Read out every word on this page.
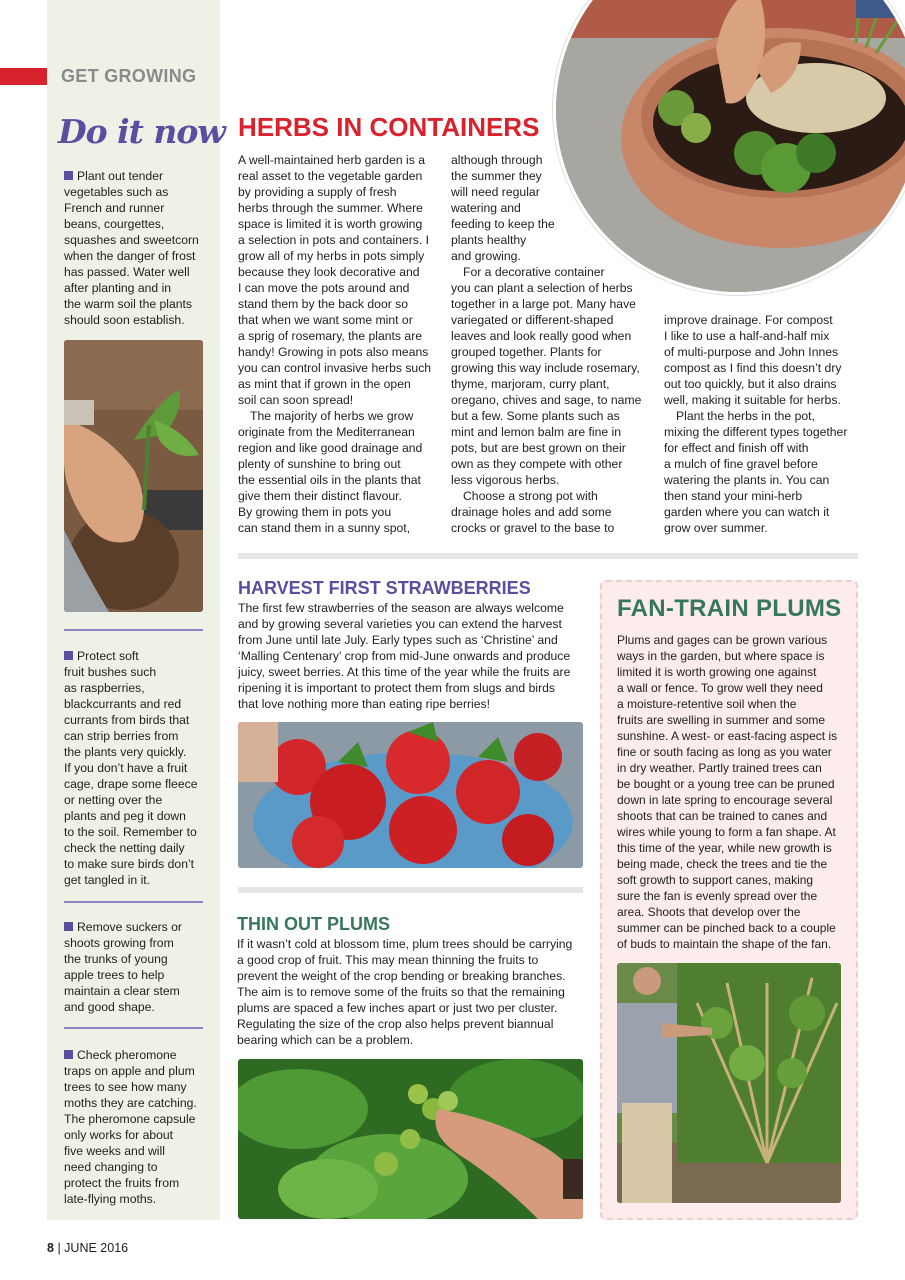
GET GROWING
Do it now
Plant out tender
vegetables such as
French and runner
beans, courgettes,
squashes and sweetcorn
when the danger of frost
has passed. Water well
after planting and in
the warm soil the plants
should soon establish.
Protect soft
fruit bushes such
as raspberries,
blackcurrants and red
currants from birds that
can strip berries from
the plants very quickly.
If you don’t have a fruit
cage, drape some fleece
or netting over the
plants and peg it down
to the soil. Remember to
check the netting daily
to make sure birds don’t
get tangled in it.
Remove suckers or
shoots growing from
the trunks of young
apple trees to help
maintain a clear stem
and good shape.
Check pheromone
traps on apple and plum
trees to see how many
moths they are catching.
The pheromone capsule
only works for about
five weeks and will
need changing to
protect the fruits from
late-flying moths.
HERBS IN CONTAINERS
A well-maintained herb garden is a
real asset to the vegetable garden
by providing a supply of fresh
herbs through the summer. Where
space is limited it is worth growing
a selection in pots and containers. I
grow all of my herbs in pots simply
because they look decorative and
I can move the pots around and
stand them by the back door so
that when we want some mint or
a sprig of rosemary, the plants are
handy! Growing in pots also means
you can control invasive herbs such
as mint that if grown in the open
soil can soon spread!
The majority of herbs we grow
originate from the Mediterranean
region and like good drainage and
plenty of sunshine to bring out
the essential oils in the plants that
give them their distinct flavour.
By growing them in pots you
can stand them in a sunny spot,
although through
the summer they
will need regular
watering and
feeding to keep the
plants healthy
and growing.
For a decorative container
you can plant a selection of herbs
together in a large pot. Many have
variegated or different-shaped
leaves and look really good when
grouped together. Plants for
growing this way include rosemary,
thyme, marjoram, curry plant,
oregano, chives and sage, to name
but a few. Some plants such as
mint and lemon balm are fine in
pots, but are best grown on their
own as they compete with other
less vigorous herbs.
Choose a strong pot with
drainage holes and add some
crocks or gravel to the base to
improve drainage. For compost
I like to use a half-and-half mix
of multi-purpose and John Innes
compost as I find this doesn’t dry
out too quickly, but it also drains
well, making it suitable for herbs.
Plant the herbs in the pot,
mixing the different types together
for effect and finish off with
a mulch of fine gravel before
watering the plants in. You can
then stand your mini-herb
garden where you can watch it
grow over summer.
HARVEST FIRST STRAWBERRIES
The first few strawberries of the season are always welcome
and by growing several varieties you can extend the harvest
from June until late July. Early types such as ‘Christine’ and
‘Malling Centenary’ crop from mid-June onwards and produce
juicy, sweet berries. At this time of the year while the fruits are
ripening it is important to protect them from slugs and birds
that love nothing more than eating ripe berries!
THIN OUT PLUMS
If it wasn’t cold at blossom time, plum trees should be carrying
a good crop of fruit. This may mean thinning the fruits to
prevent the weight of the crop bending or breaking branches.
The aim is to remove some of the fruits so that the remaining
plums are spaced a few inches apart or just two per cluster.
Regulating the size of the crop also helps prevent biannual
bearing which can be a problem.
FAN-TRAIN PLUMS
Plums and gages can be grown various
ways in the garden, but where space is
limited it is worth growing one against
a wall or fence. To grow well they need
a moisture-retentive soil when the
fruits are swelling in summer and some
sunshine. A west- or east-facing aspect is
fine or south facing as long as you water
in dry weather. Partly trained trees can
be bought or a young tree can be pruned
down in late spring to encourage several
shoots that can be trained to canes and
wires while young to form a fan shape. At
this time of the year, while new growth is
being made, check the trees and tie the
soft growth to support canes, making
sure the fan is evenly spread over the
area. Shoots that develop over the
summer can be pinched back to a couple
of buds to maintain the shape of the fan.
8 | JUNE 2016
